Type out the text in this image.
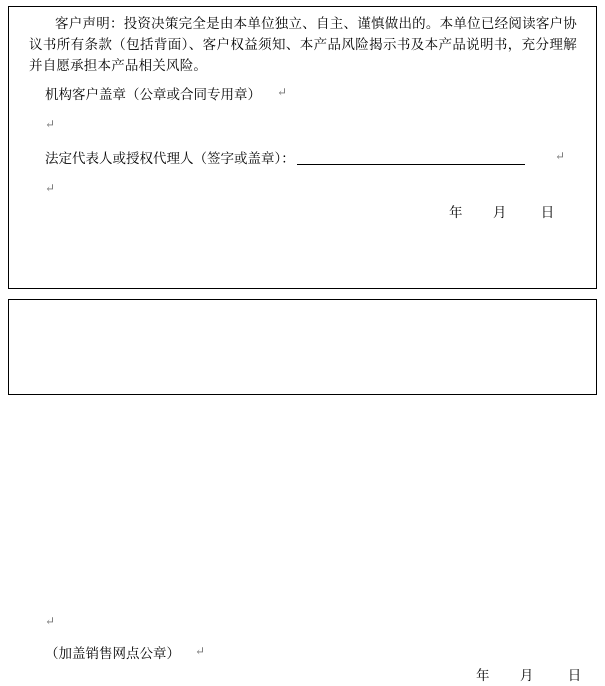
客户声明：投资决策完全是由本单位独立、自主、谨慎做出的。本单位已经阅读客户协议书所有条款（包括背面）、客户权益须知、本产品风险揭示书及本产品说明书，充分理解并自愿承担本产品相关风险。
机构客户盖章（公章或合同专用章） ↵
↵
法定代表人或授权代理人（签字或盖章）：	↵
↵
年 月	日
↵
（加盖销售网点公章） ↵
年 月	日
